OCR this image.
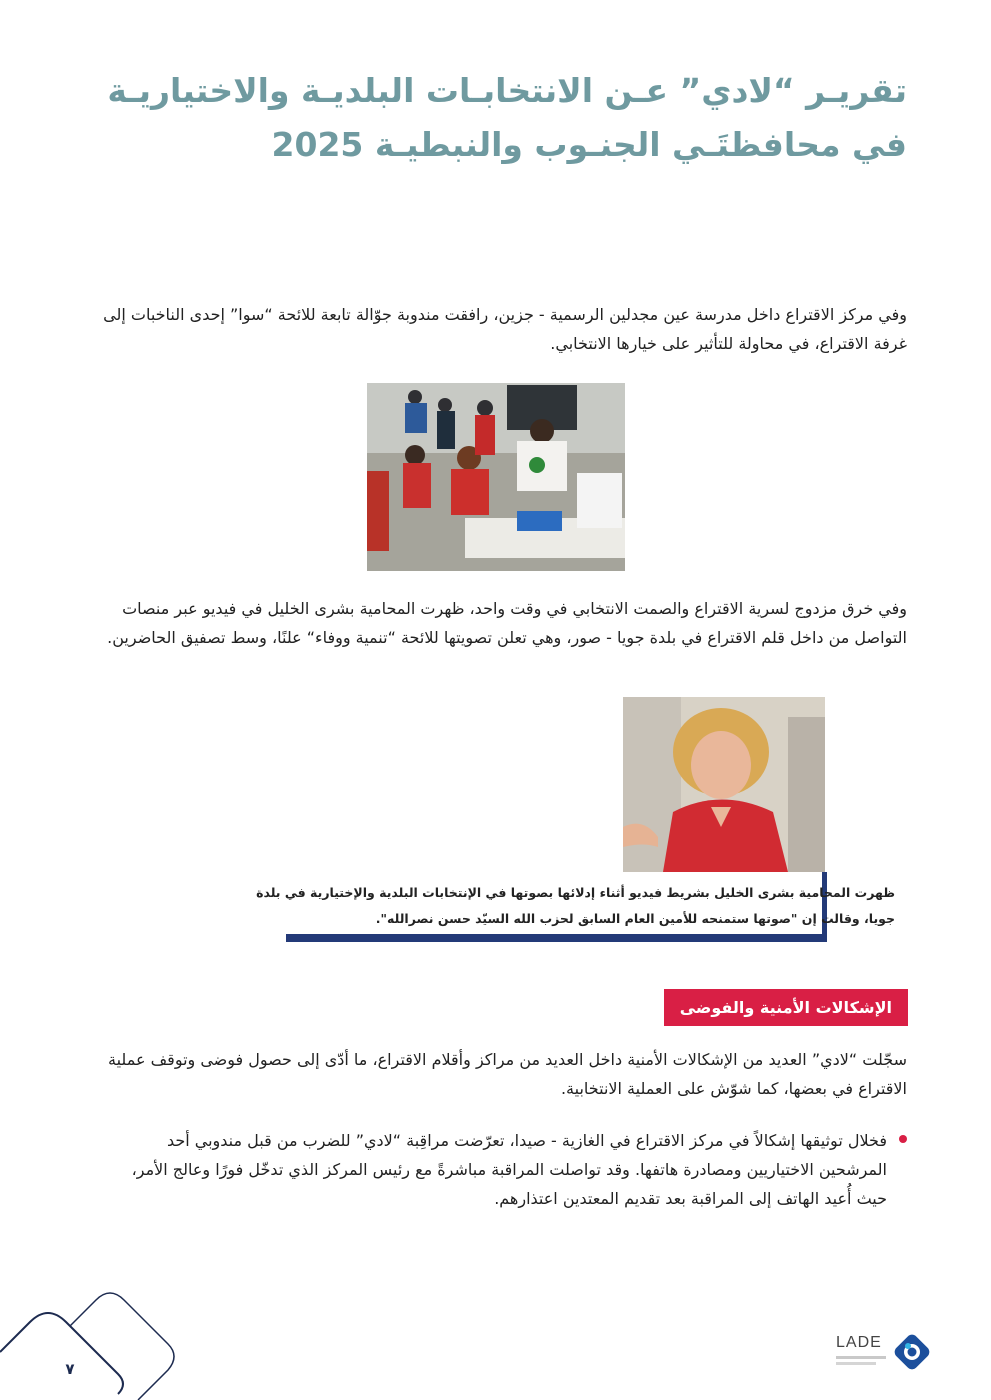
تقريـر “لادي” عـن الانتخابـات البلديـة والاختياريـة في محافظتَـي الجنـوب والنبطيـة 2025

وفي مركز الاقتراع داخل مدرسة عين مجدلين الرسمية - جزين، رافقت مندوبة جوّالة تابعة للائحة “سوا” إحدى الناخبات إلى غرفة الاقتراع، في محاولة للتأثير على خيارها الانتخابي.

وفي خرق مزدوج لسرية الاقتراع والصمت الانتخابي في وقت واحد، ظهرت المحامية بشرى الخليل في فيديو عبر منصات التواصل من داخل قلم الاقتراع في بلدة جويا - صور، وهي تعلن تصويتها للائحة “تنمية ووفاء“ علنًا، وسط تصفيق الحاضرين.

ظهرت المحامية بشرى الخليل بشريط فيديو أثناء إدلائها بصوتها في الإنتخابات البلدية والإختيارية في بلدة جويا، وقالت إن "صوتها ستمنحه للأمين العام السابق لحزب الله السيّد حسن نصرالله".

الإشكالات الأمنية والفوضى

سجّلت “لادي” العديد من الإشكالات الأمنية داخل العديد من مراكز وأقلام الاقتراع، ما أدّى إلى حصول فوضى وتوقف عملية الاقتراع في بعضها، كما شوّش على العملية الانتخابية.

فخلال توثيقها إشكالاً في مركز الاقتراع في الغازية - صيدا، تعرّضت مراقِبة “لادي” للضرب من قبل مندوبي أحد المرشحين الاختياريين ومصادرة هاتفها. وقد تواصلت المراقبة مباشرةً مع رئيس المركز الذي تدخّل فورًا وعالج الأمر، حيث أُعيد الهاتف إلى المراقبة بعد تقديم المعتدين اعتذارهم.
٧
LADE
